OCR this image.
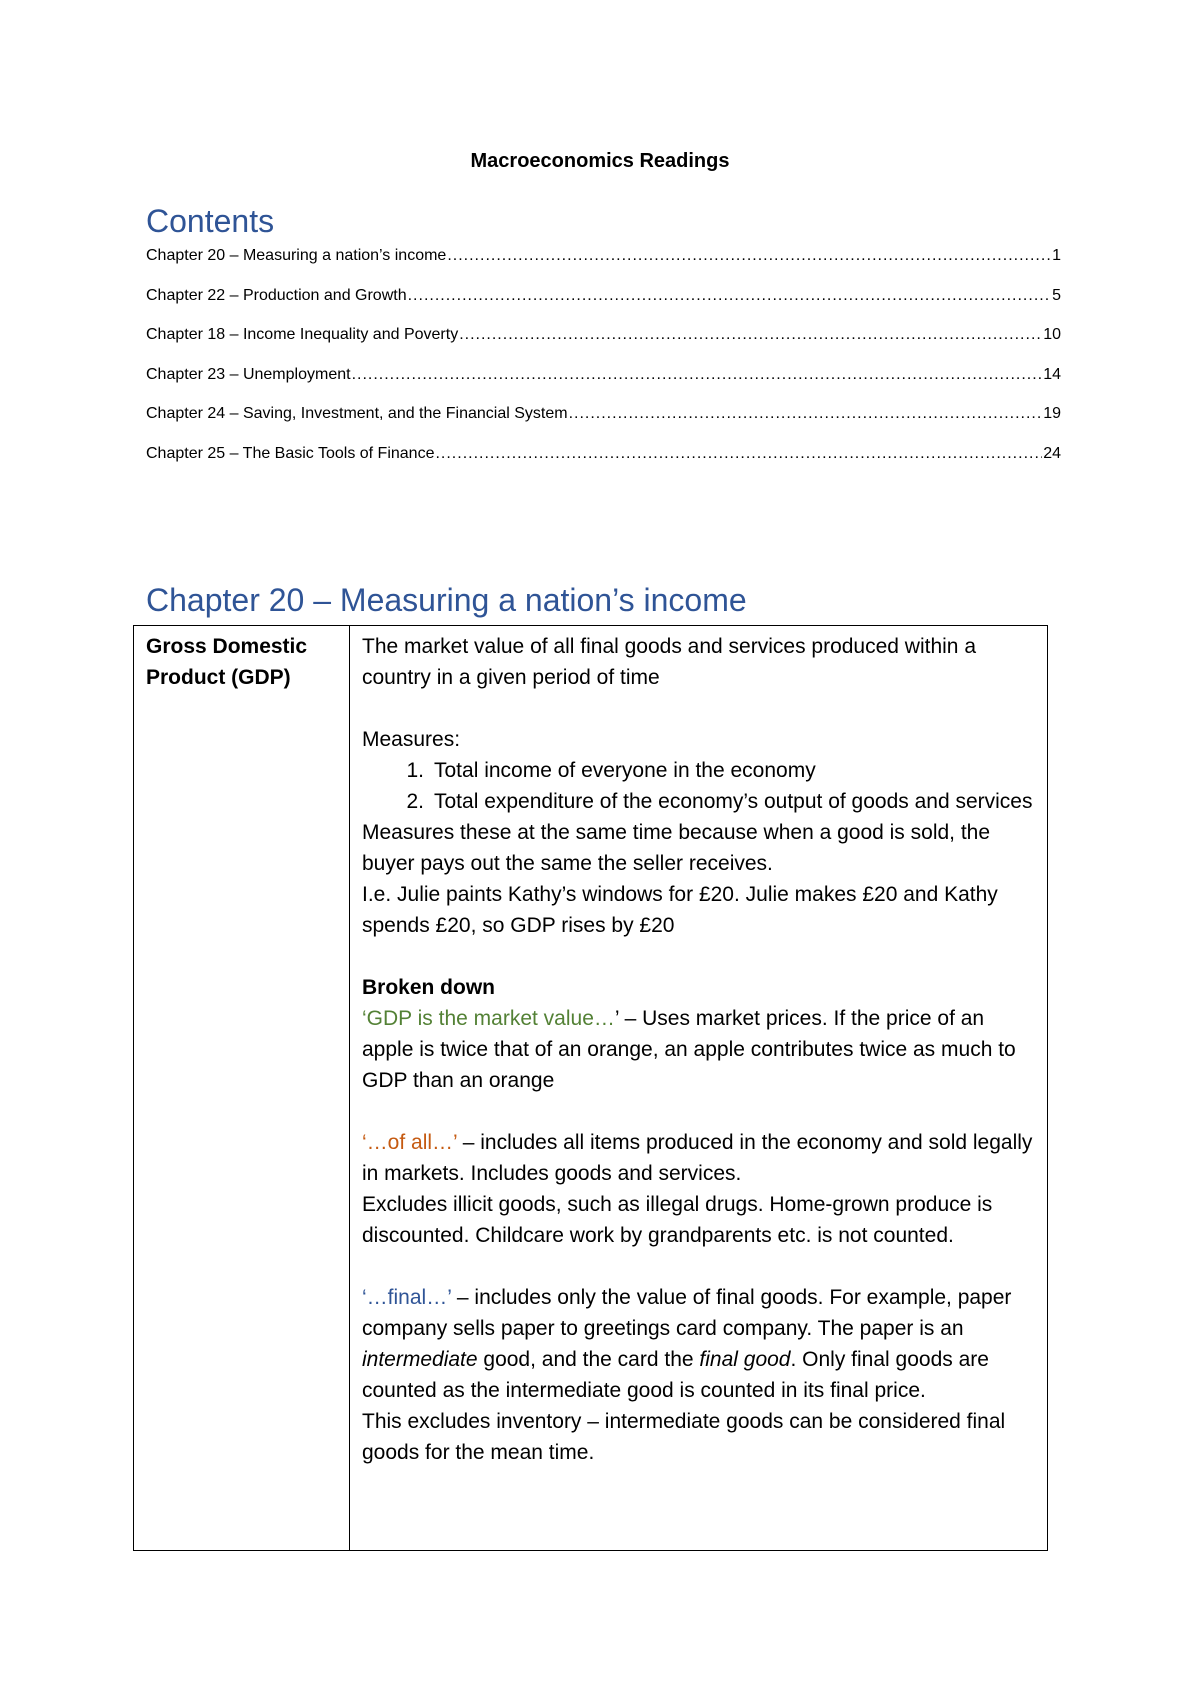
Macroeconomics Readings
Contents
Chapter 20 – Measuring a nation’s income .....	1
Chapter 22 – Production and Growth .....	5
Chapter 18 – Income Inequality and Poverty .....	10
Chapter 23 – Unemployment .....	14
Chapter 24 – Saving, Investment, and the Financial System .....	19
Chapter 25 – The Basic Tools of Finance .....	24
Chapter 20 – Measuring a nation’s income
Gross Domestic Product (GDP)

The market value of all final goods and services produced within a country in a given period of time

Measures:

1. Total income of everyone in the economy
2. Total expenditure of the economy’s output of goods and services

Measures these at the same time because when a good is sold, the buyer pays out the same the seller receives.

I.e. Julie paints Kathy’s windows for £20. Julie makes £20 and Kathy spends £20, so GDP rises by £20

Broken down

‘GDP is the market value…’ – Uses market prices. If the price of an apple is twice that of an orange, an apple contributes twice as much to GDP than an orange

‘…of all…’ – includes all items produced in the economy and sold legally in markets. Includes goods and services.

Excludes illicit goods, such as illegal drugs. Home-grown produce is discounted. Childcare work by grandparents etc. is not counted.

‘…final…’ – includes only the value of final goods. For example, paper company sells paper to greetings card company. The paper is an intermediate good, and the card the final good. Only final goods are counted as the intermediate good is counted in its final price.

This excludes inventory – intermediate goods can be considered final goods for the mean time.
